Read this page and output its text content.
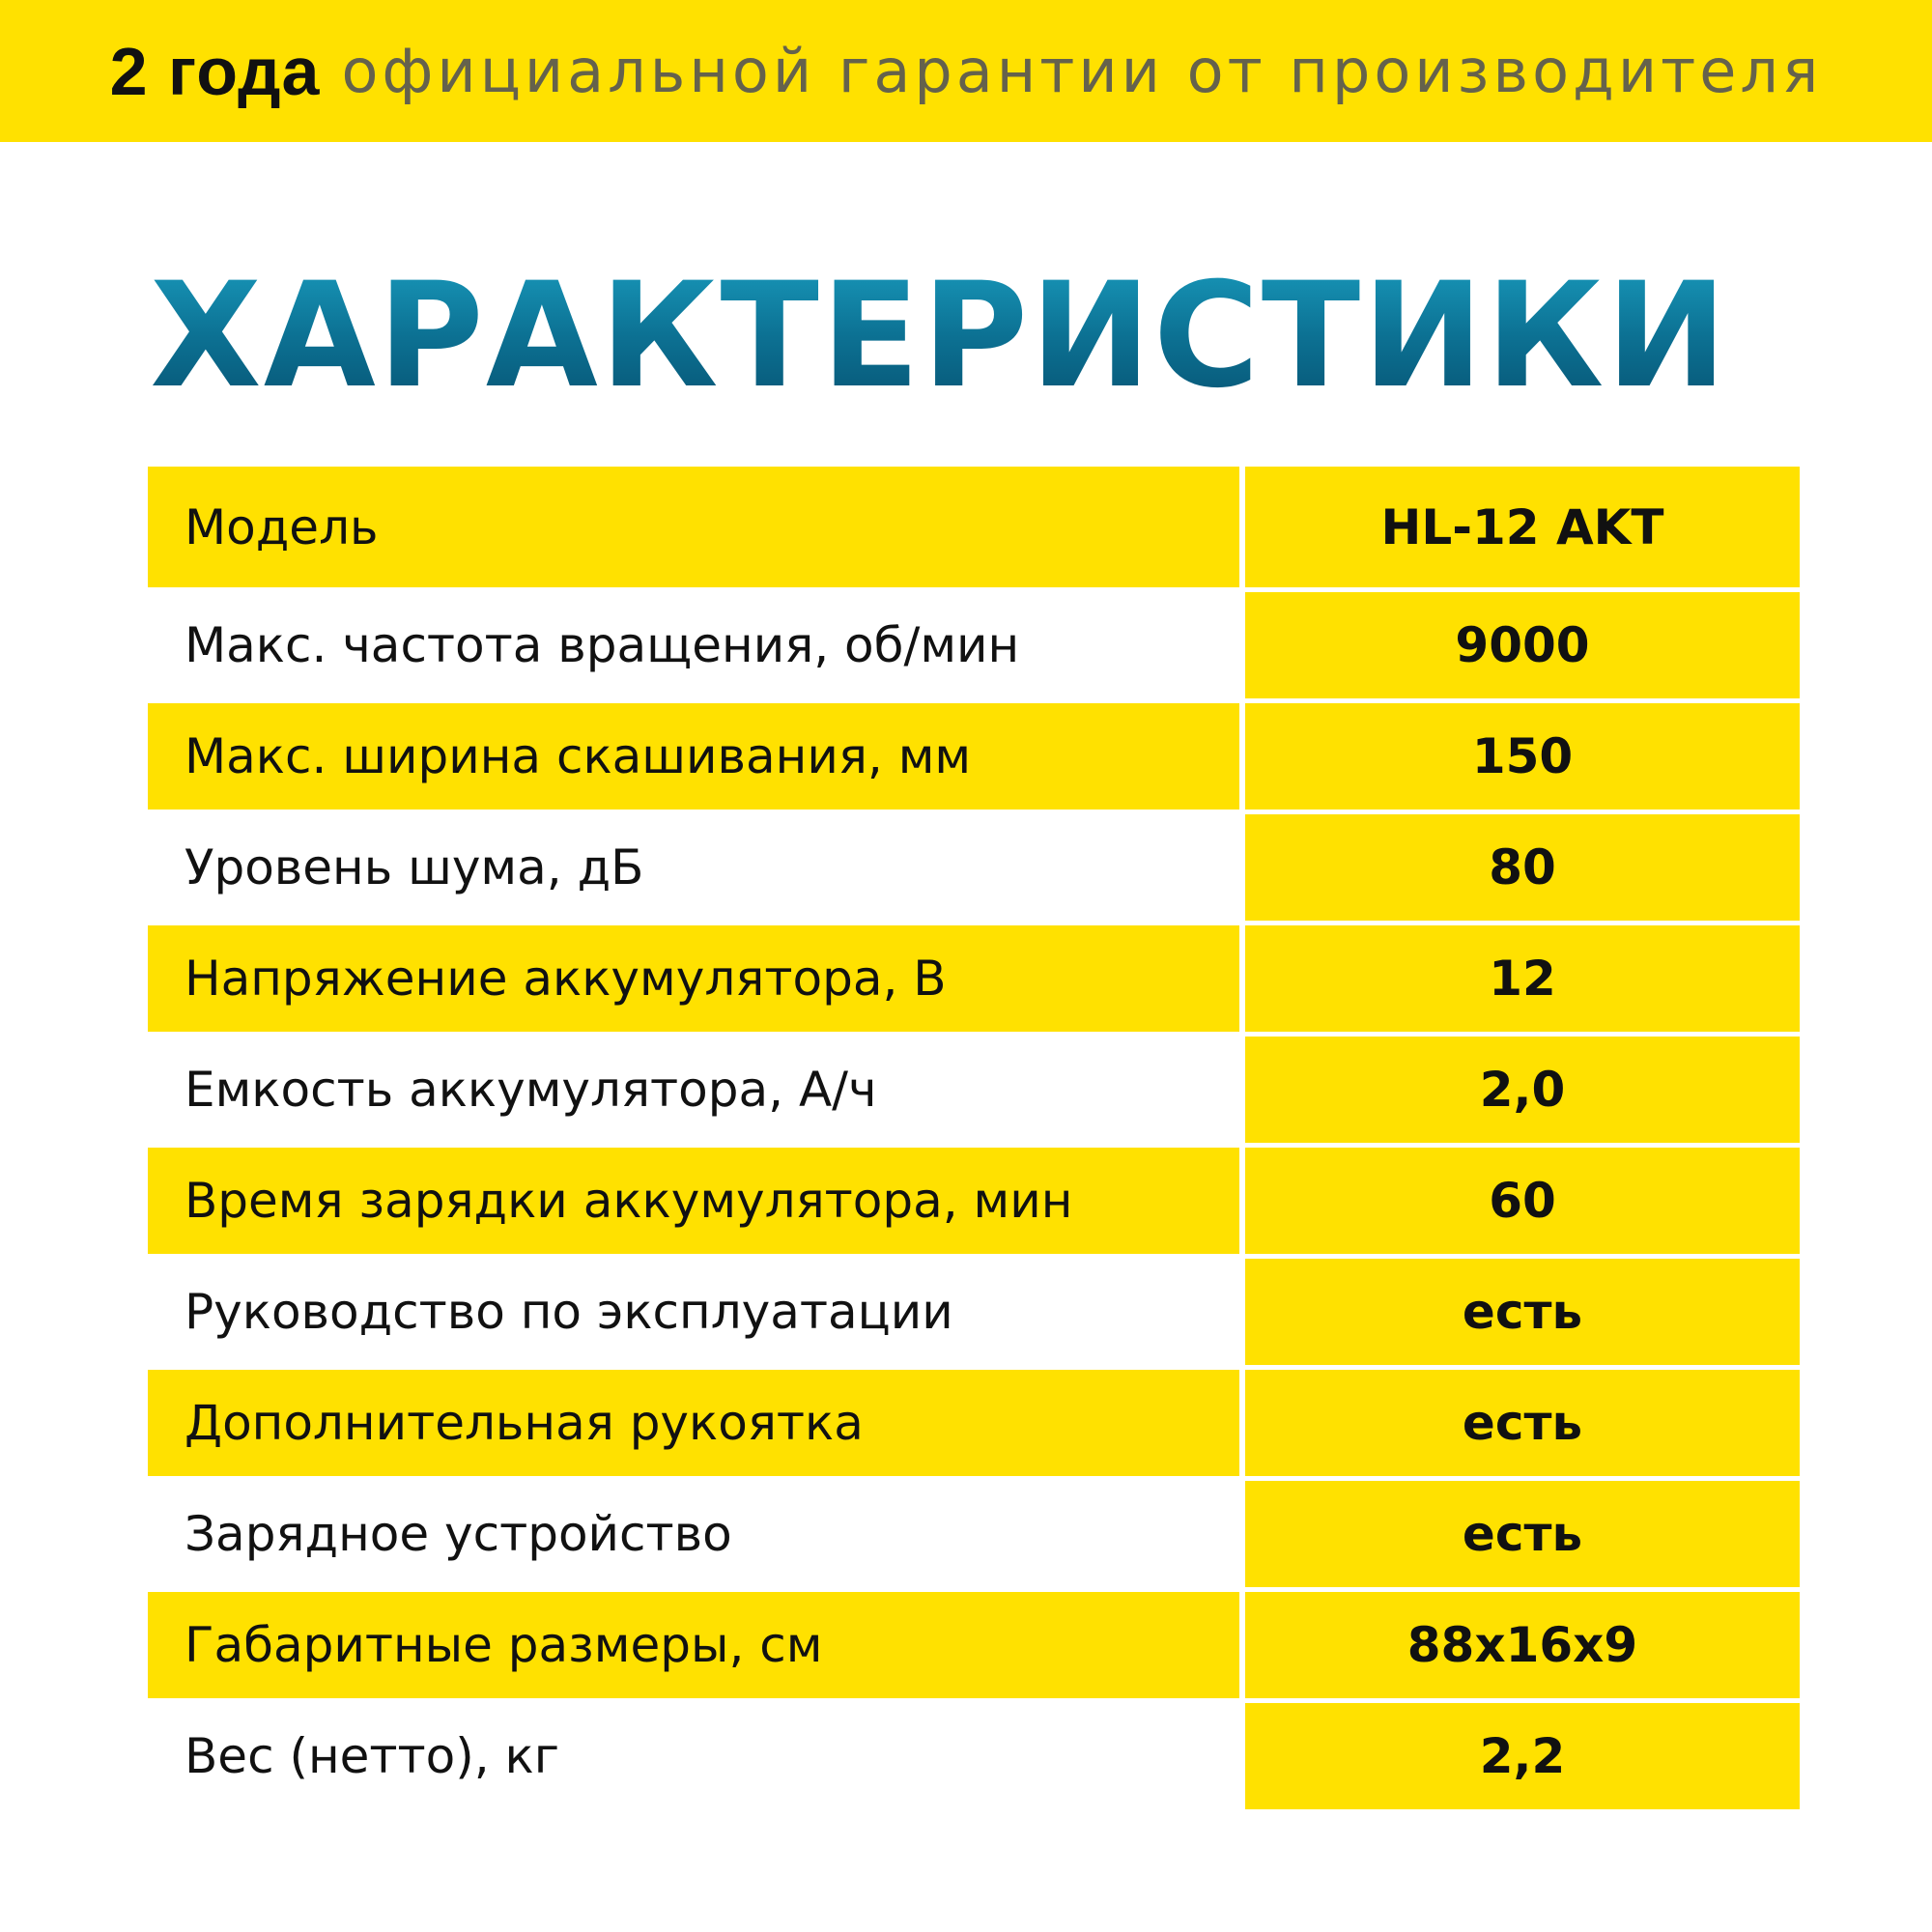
2 года официальной гарантии от производителя
ХАРАКТЕРИСТИКИ
Модель	HL-12 AKT
Макс. частота вращения, об/мин	9000
Макс. ширина скашивания, мм	150
Уровень шума, дБ	80
Напряжение аккумулятора, В	12
Емкость аккумулятора, А/ч	2,0
Время зарядки аккумулятора, мин	60
Руководство по эксплуатации	есть
Дополнительная рукоятка	есть
Зарядное устройство	есть
Габаритные размеры, см	88x16x9
Вес (нетто), кг	2,2
